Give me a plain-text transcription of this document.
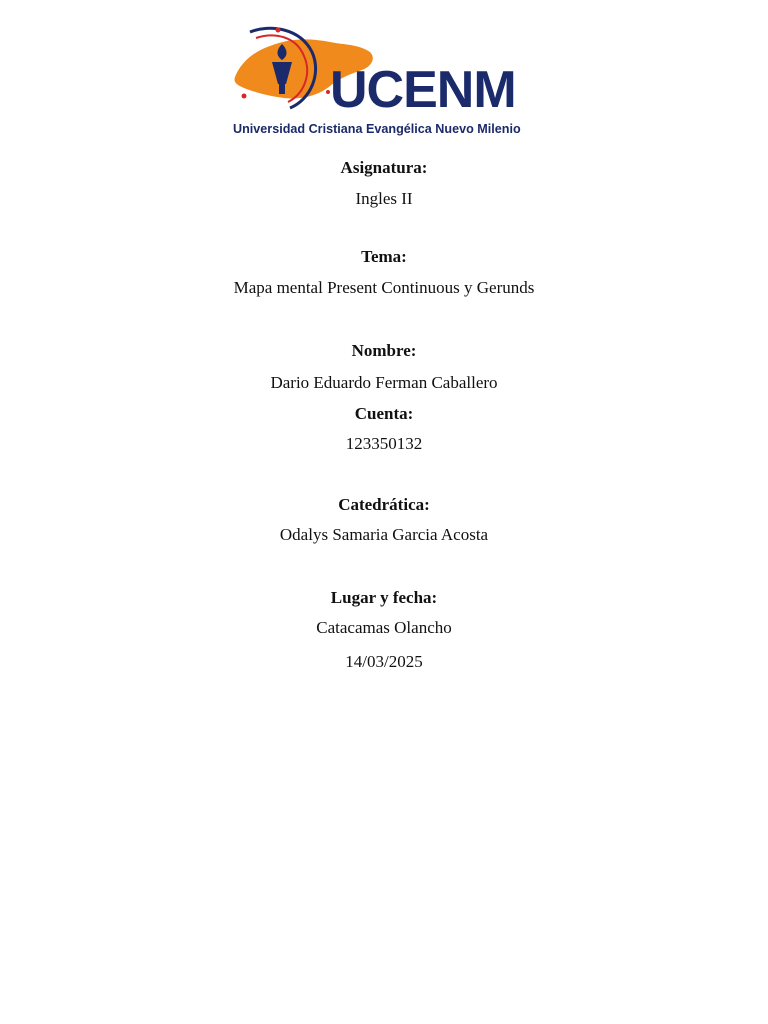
UCENM
Universidad Cristiana Evangélica Nuevo Milenio
Asignatura:
Ingles II
Tema:
Mapa mental Present Continuous y Gerunds
Nombre:
Dario Eduardo Ferman Caballero
Cuenta:
123350132
Catedrática:
Odalys Samaria Garcia Acosta
Lugar y fecha:
Catacamas Olancho
14/03/2025
